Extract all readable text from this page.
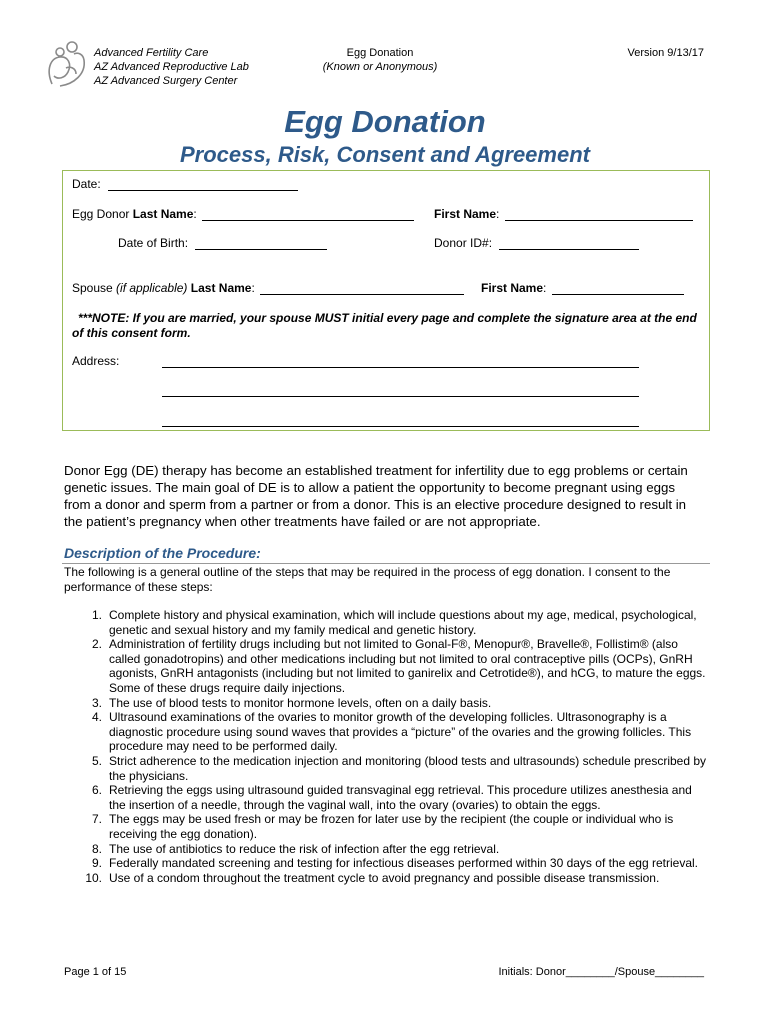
Advanced Fertility Care
AZ Advanced Reproductive Lab
AZ Advanced Surgery Center
Egg Donation
(Known or Anonymous)
Version 9/13/17
Egg Donation
Process, Risk, Consent and Agreement
Date:
Egg Donor Last Name:	First Name:
Date of Birth:	Donor ID#:
Spouse (if applicable) Last Name:	First Name:
***NOTE: If you are married, your spouse MUST initial every page and complete the signature area at the end of this consent form.
Address:
Donor Egg (DE) therapy has become an established treatment for infertility due to egg problems or certain genetic issues. The main goal of DE is to allow a patient the opportunity to become pregnant using eggs from a donor and sperm from a partner or from a donor. This is an elective procedure designed to result in the patient’s pregnancy when other treatments have failed or are not appropriate.
Description of the Procedure:
The following is a general outline of the steps that may be required in the process of egg donation. I consent to the performance of these steps:
1. Complete history and physical examination, which will include questions about my age, medical, psychological, genetic and sexual history and my family medical and genetic history.
2. Administration of fertility drugs including but not limited to Gonal-F®, Menopur®, Bravelle®, Follistim® (also called gonadotropins) and other medications including but not limited to oral contraceptive pills (OCPs), GnRH agonists, GnRH antagonists (including but not limited to ganirelix and Cetrotide®), and hCG, to mature the eggs. Some of these drugs require daily injections.
3. The use of blood tests to monitor hormone levels, often on a daily basis.
4. Ultrasound examinations of the ovaries to monitor growth of the developing follicles. Ultrasonography is a diagnostic procedure using sound waves that provides a “picture” of the ovaries and the growing follicles. This procedure may need to be performed daily.
5. Strict adherence to the medication injection and monitoring (blood tests and ultrasounds) schedule prescribed by the physicians.
6. Retrieving the eggs using ultrasound guided transvaginal egg retrieval. This procedure utilizes anesthesia and the insertion of a needle, through the vaginal wall, into the ovary (ovaries) to obtain the eggs.
7. The eggs may be used fresh or may be frozen for later use by the recipient (the couple or individual who is receiving the egg donation).
8. The use of antibiotics to reduce the risk of infection after the egg retrieval.
9. Federally mandated screening and testing for infectious diseases performed within 30 days of the egg retrieval.
10. Use of a condom throughout the treatment cycle to avoid pregnancy and possible disease transmission.
Page 1 of 15	Initials: Donor________/Spouse________
